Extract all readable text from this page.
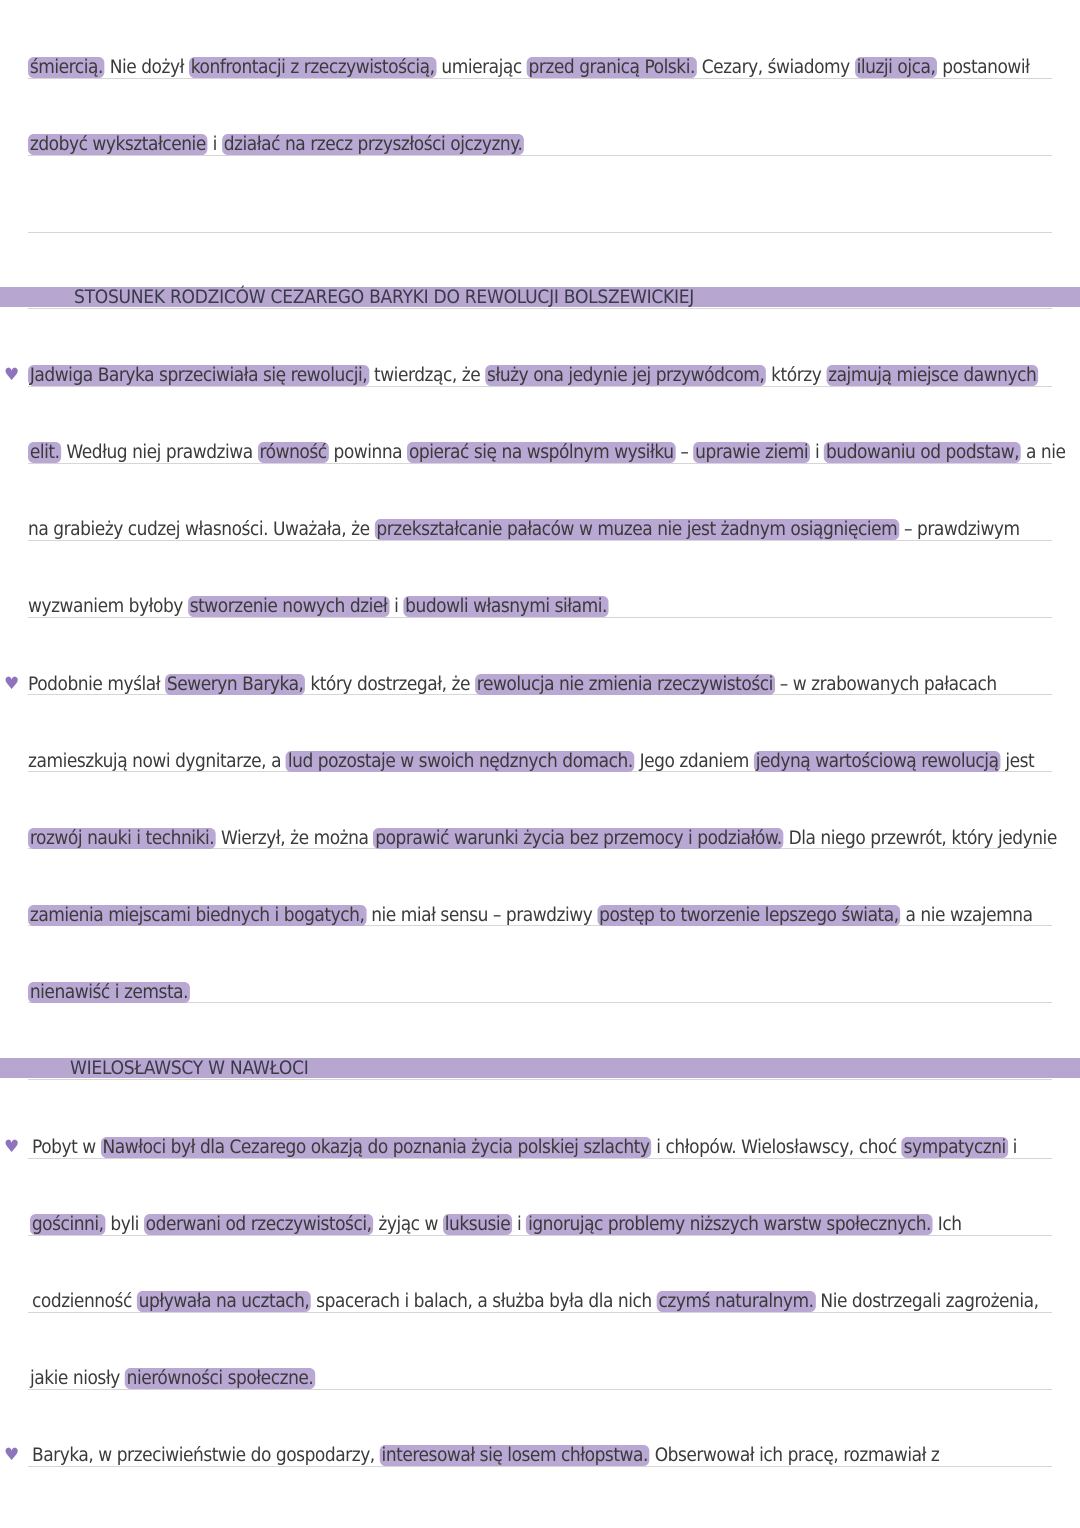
STOSUNEK RODZICÓW CEZAREGO BARYKI DO REWOLUCJI BOLSZEWICKIEJ
WIELOSŁAWSCY W NAWŁOCI
♥
♥
♥
♥
śmiercią. Nie dożył konfrontacji z rzeczywistością, umierając przed granicą Polski. Cezary, świadomy iluzji ojca, postanowił
zdobyć wykształcenie i działać na rzecz przyszłości ojczyzny.
Jadwiga Baryka sprzeciwiała się rewolucji, twierdząc, że służy ona jedynie jej przywódcom, którzy zajmują miejsce dawnych
elit. Według niej prawdziwa równość powinna opierać się na wspólnym wysiłku – uprawie ziemi i budowaniu od podstaw, a nie
na grabieży cudzej własności. Uważała, że przekształcanie pałaców w muzea nie jest żadnym osiągnięciem – prawdziwym
wyzwaniem byłoby stworzenie nowych dzieł i budowli własnymi siłami.
Podobnie myślał Seweryn Baryka, który dostrzegał, że rewolucja nie zmienia rzeczywistości – w zrabowanych pałacach
zamieszkują nowi dygnitarze, a lud pozostaje w swoich nędznych domach. Jego zdaniem jedyną wartościową rewolucją jest
rozwój nauki i techniki. Wierzył, że można poprawić warunki życia bez przemocy i podziałów. Dla niego przewrót, który jedynie
zamienia miejscami biednych i bogatych, nie miał sensu – prawdziwy postęp to tworzenie lepszego świata, a nie wzajemna
nienawiść i zemsta.
Pobyt w Nawłoci był dla Cezarego okazją do poznania życia polskiej szlachty i chłopów. Wielosławscy, choć sympatyczni i
gościnni, byli oderwani od rzeczywistości, żyjąc w luksusie i ignorując problemy niższych warstw społecznych. Ich
codzienność upływała na ucztach, spacerach i balach, a służba była dla nich czymś naturalnym. Nie dostrzegali zagrożenia,
jakie niosły nierówności społeczne.
Baryka, w przeciwieństwie do gospodarzy, interesował się losem chłopstwa. Obserwował ich pracę, rozmawiał z
